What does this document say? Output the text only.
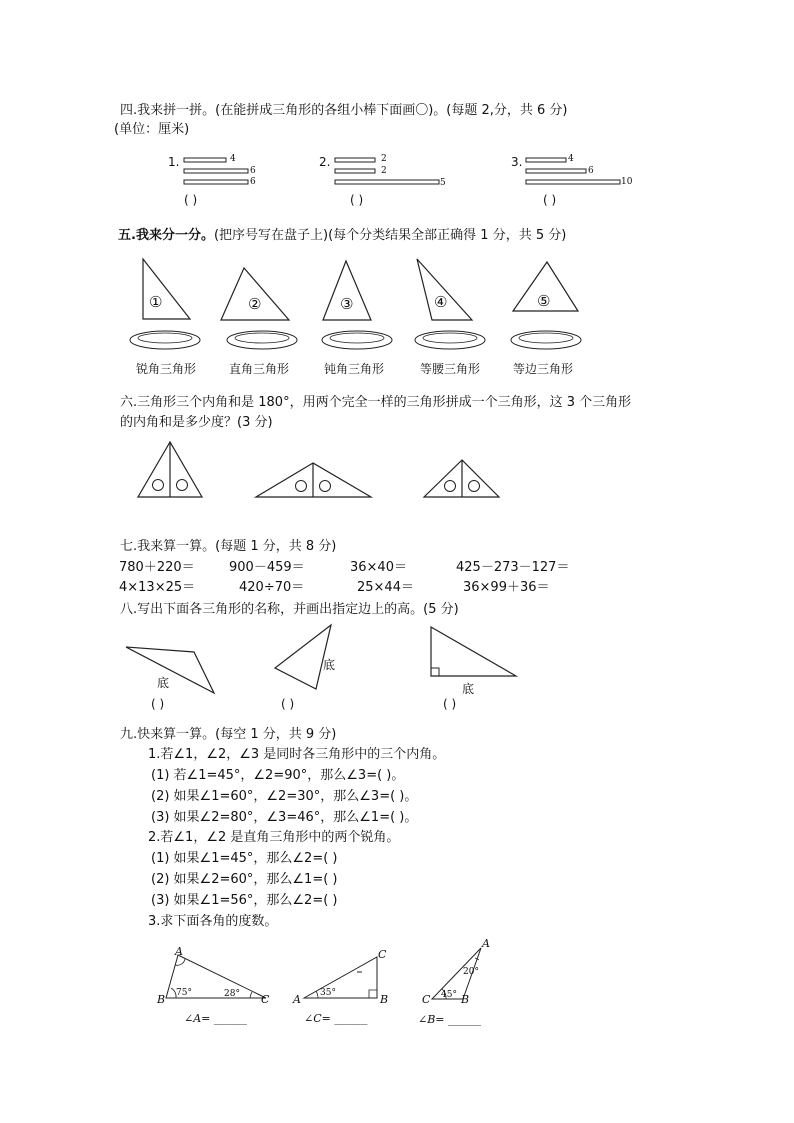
四.我来拼一拼。(在能拼成三角形的各组小棒下面画〇)。(每题 2,分，共 6 分)
(单位：厘米)
1.	4
6
6
( )
2.	2
2
5
( )
3.	4
6
10
( )
五.我来分一分。(把序号写在盘子上)(每个分类结果全部正确得 1 分，共 5 分)
①	②	③	④	⑤
锐角三角形	直角三角形	钝角三角形	等腰三角形	等边三角形
六.三角形三个内角和是 180°，用两个完全一样的三角形拼成一个三角形，这 3 个三角形
的内角和是多少度？(3 分)
七.我来算一算。(每题 1 分，共 8 分)
780＋220＝	900－459＝	36×40＝	425－273－127＝
4×13×25＝	420÷70＝	25×44＝	36×99＋36＝
八.写出下面各三角形的名称，并画出指定边上的高。(5 分)
底
底
底
( )	( )	( )
九.快来算一算。(每空 1 分，共 9 分)
1.若∠1，∠2，∠3 是同时各三角形中的三个内角。
(1) 若∠1=45°，∠2=90°，那么∠3=( )。
(2) 如果∠1=60°，∠2=30°，那么∠3=( )。
(3) 如果∠2=80°，∠3=46°，那么∠1=( )。
2.若∠1，∠2 是直角三角形中的两个锐角。
(1) 如果∠1=45°，那么∠2=( )
(2) 如果∠2=60°，那么∠1=( )
(3) 如果∠1=56°，那么∠2=( )
3.求下面各角的度数。
A
B	C
75°	28°
∠A= ______
A	B
C
35°
∠C= ______
A
B
C
20°
45°
∠B= ______
